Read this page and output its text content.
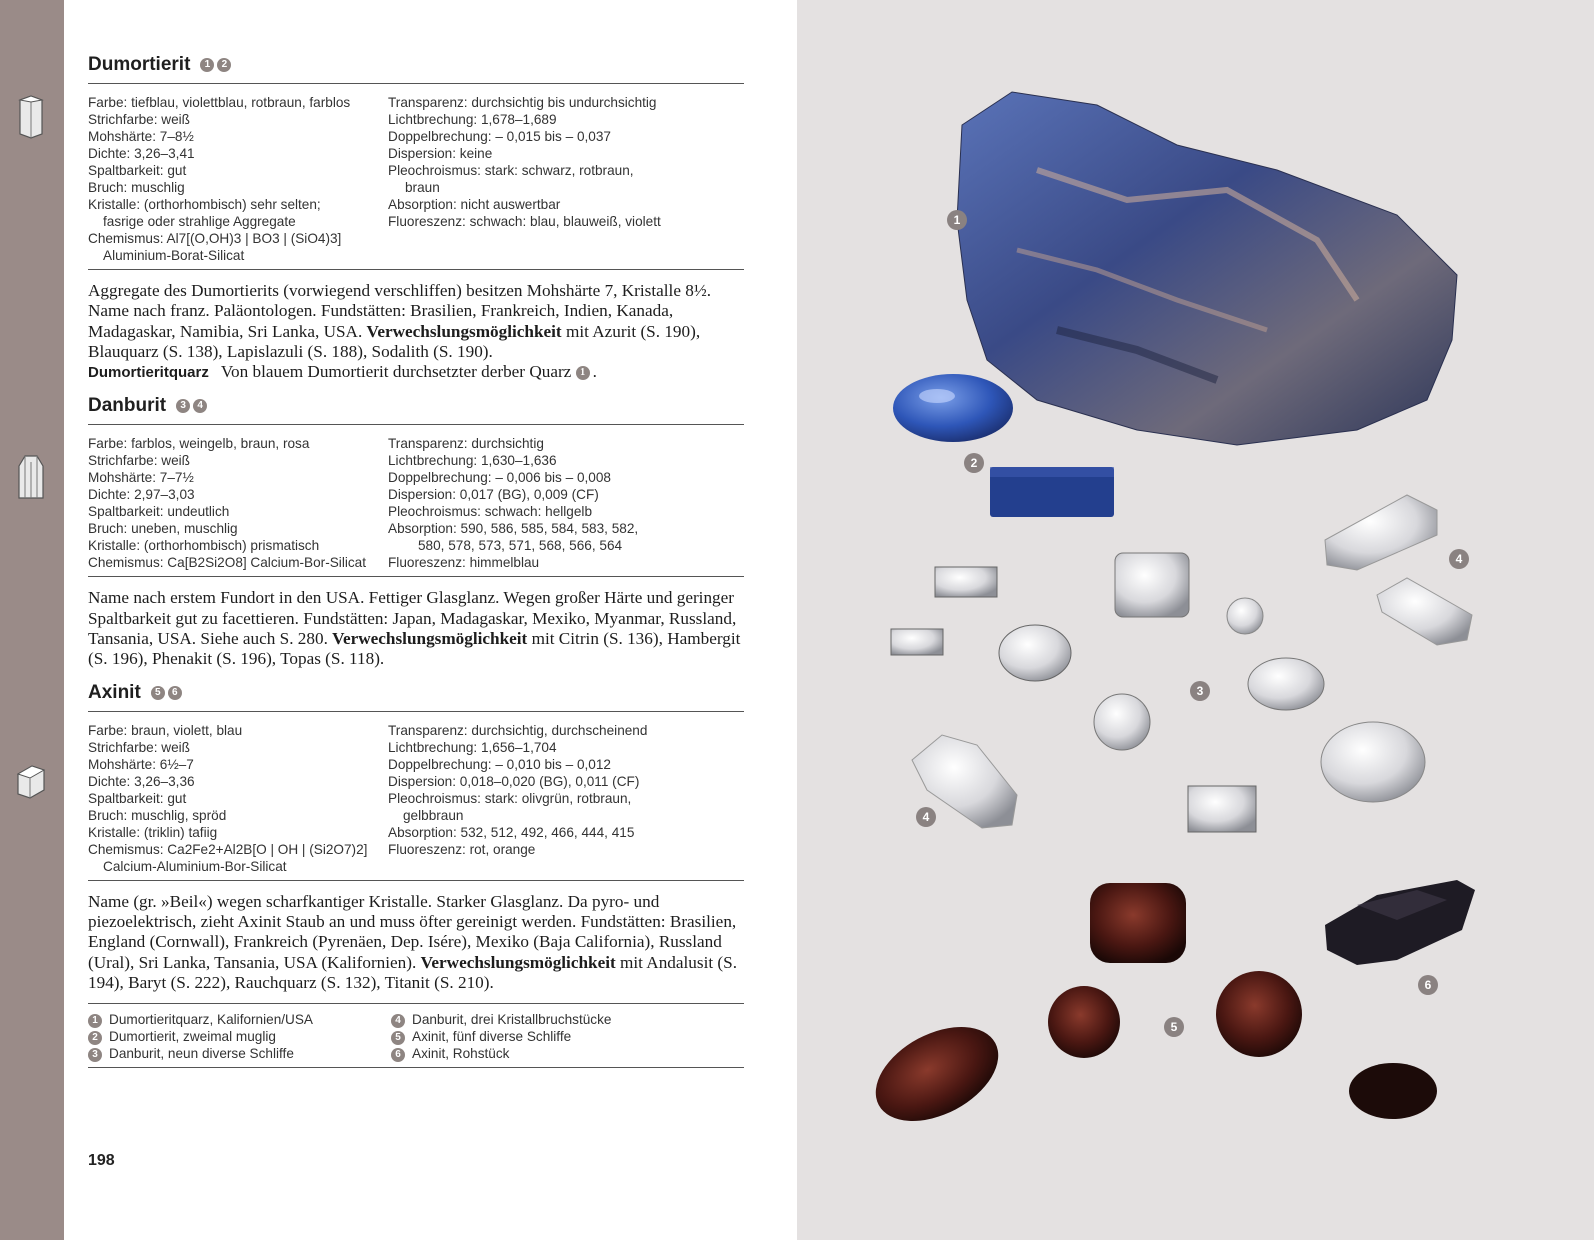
Dumortierit	1	2
Farbe: tiefblau, violettblau, rotbraun, farblos
Strichfarbe: weiß
Mohshärte: 7–8½
Dichte: 3,26–3,41
Spaltbarkeit: gut
Bruch: muschlig
Kristalle: (orthorhombisch) sehr selten;
fasrige oder strahlige Aggregate
Chemismus: Al7[(O,OH)3 | BO3 | (SiO4)3]
Aluminium-Borat-Silicat
Transparenz: durchsichtig bis undurchsichtig
Lichtbrechung: 1,678–1,689
Doppelbrechung: – 0,015 bis – 0,037
Dispersion: keine
Pleochroismus: stark: schwarz, rotbraun,
braun
Absorption: nicht auswertbar
Fluoreszenz: schwach: blau, blauweiß, violett
Aggregate des Dumortierits (vorwiegend verschliffen) besitzen Mohshärte 7, Kristalle 8½. Name nach franz. Paläontologen. Fundstätten: Brasilien, Frankreich, Indien, Kanada, Madagaskar, Namibia, Sri Lanka, USA. Verwechslungsmöglichkeit mit Azurit (S. 190), Blauquarz (S. 138), Lapislazuli (S. 188), Sodalith (S. 190).
Dumortieritquarz Von blauem Dumortierit durchsetzter derber Quarz 1 .
Danburit	3	4
Farbe: farblos, weingelb, braun, rosa
Strichfarbe: weiß
Mohshärte: 7–7½
Dichte: 2,97–3,03
Spaltbarkeit: undeutlich
Bruch: uneben, muschlig
Kristalle: (orthorhombisch) prismatisch
Chemismus: Ca[B2Si2O8] Calcium-Bor-Silicat
Transparenz: durchsichtig
Lichtbrechung: 1,630–1,636
Doppelbrechung: – 0,006 bis – 0,008
Dispersion: 0,017 (BG), 0,009 (CF)
Pleochroismus: schwach: hellgelb
Absorption: 590, 586, 585, 584, 583, 582,
580, 578, 573, 571, 568, 566, 564
Fluoreszenz: himmelblau
Name nach erstem Fundort in den USA. Fettiger Glasglanz. Wegen großer Härte und geringer Spaltbarkeit gut zu facettieren. Fundstätten: Japan, Madagaskar, Mexiko, Myanmar, Russland, Tansania, USA. Siehe auch S. 280. Verwechslungsmöglichkeit mit Citrin (S. 136), Hambergit (S. 196), Phenakit (S. 196), Topas (S. 118).
Axinit	5	6
Farbe: braun, violett, blau
Strichfarbe: weiß
Mohshärte: 6½–7
Dichte: 3,26–3,36
Spaltbarkeit: gut
Bruch: muschlig, spröd
Kristalle: (triklin) tafiig
Chemismus: Ca2Fe2+Al2B[O | OH | (Si2O7)2]
Calcium-Aluminium-Bor-Silicat
Transparenz: durchsichtig, durchscheinend
Lichtbrechung: 1,656–1,704
Doppelbrechung: – 0,010 bis – 0,012
Dispersion: 0,018–0,020 (BG), 0,011 (CF)
Pleochroismus: stark: olivgrün, rotbraun,
gelbbraun
Absorption: 532, 512, 492, 466, 444, 415
Fluoreszenz: rot, orange
Name (gr. »Beil«) wegen scharfkantiger Kristalle. Starker Glasglanz. Da pyro- und piezoelektrisch, zieht Axinit Staub an und muss öfter gereinigt werden. Fundstätten: Brasilien, England (Cornwall), Frankreich (Pyrenäen, Dep. Isére), Mexiko (Baja California), Russland (Ural), Sri Lanka, Tansania, USA (Kalifornien). Verwechslungsmöglichkeit mit Andalusit (S. 194), Baryt (S. 222), Rauchquarz (S. 132), Titanit (S. 210).
1 Dumortieritquarz, Kalifornien/USA
2 Dumortierit, zweimal muglig
3 Danburit, neun diverse Schliffe
4 Danburit, drei Kristallbruchstücke
5 Axinit, fünf diverse Schliffe
6 Axinit, Rohstück
198
1
2
3
4
4
5
6
